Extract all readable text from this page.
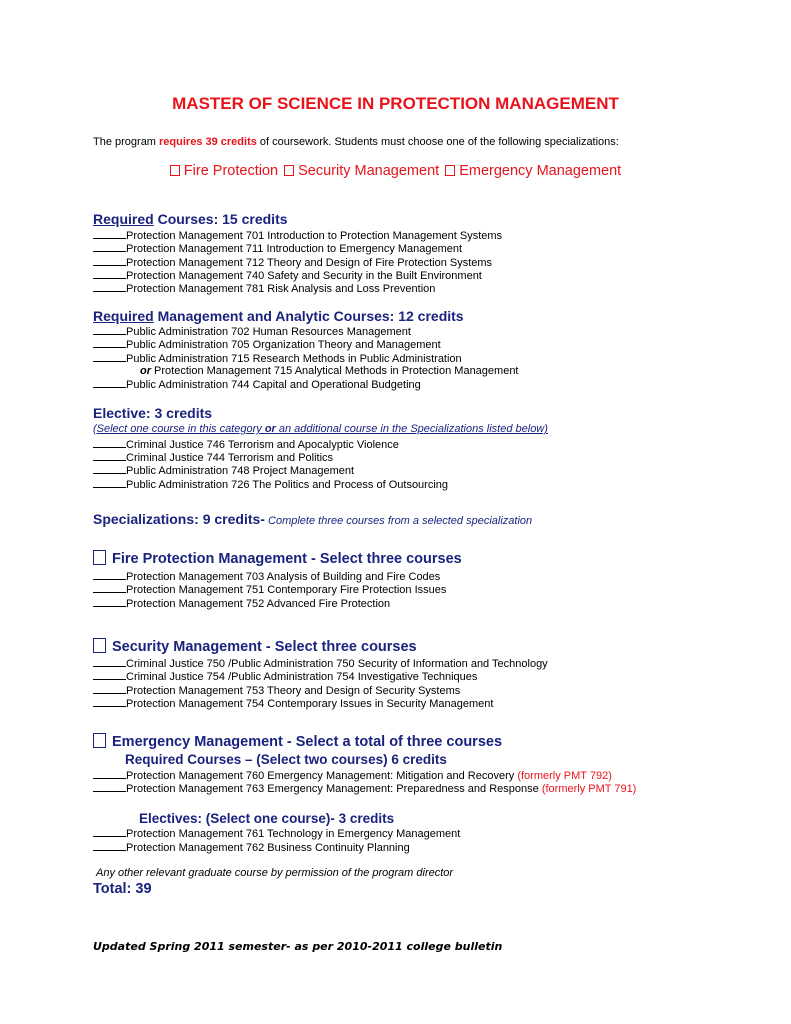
MASTER OF SCIENCE IN PROTECTION MANAGEMENT
The program requires 39 credits of coursework. Students must choose one of the following specializations:
Fire Protection Security Management Emergency Management
Required Courses: 15 credits
Protection Management 701 Introduction to Protection Management Systems
Protection Management 711 Introduction to Emergency Management
Protection Management 712 Theory and Design of Fire Protection Systems
Protection Management 740 Safety and Security in the Built Environment
Protection Management 781 Risk Analysis and Loss Prevention
Required Management and Analytic Courses: 12 credits
Public Administration 702 Human Resources Management
Public Administration 705 Organization Theory and Management
Public Administration 715 Research Methods in Public Administration
or Protection Management 715 Analytical Methods in Protection Management
Public Administration 744 Capital and Operational Budgeting
Elective: 3 credits
(Select one course in this category or an additional course in the Specializations listed below)
Criminal Justice 746 Terrorism and Apocalyptic Violence
Criminal Justice 744 Terrorism and Politics
Public Administration 748 Project Management
Public Administration 726 The Politics and Process of Outsourcing
Specializations: 9 credits- Complete three courses from a selected specialization
Fire Protection Management - Select three courses
Protection Management 703 Analysis of Building and Fire Codes
Protection Management 751 Contemporary Fire Protection Issues
Protection Management 752 Advanced Fire Protection
Security Management - Select three courses
Criminal Justice 750 /Public Administration 750 Security of Information and Technology
Criminal Justice 754 /Public Administration 754 Investigative Techniques
Protection Management 753 Theory and Design of Security Systems
Protection Management 754 Contemporary Issues in Security Management
Emergency Management - Select a total of three courses
Required Courses – (Select two courses) 6 credits
Protection Management 760 Emergency Management: Mitigation and Recovery (formerly PMT 792)
Protection Management 763 Emergency Management: Preparedness and Response (formerly PMT 791)
Electives: (Select one course)- 3 credits
Protection Management 761 Technology in Emergency Management
Protection Management 762 Business Continuity Planning
Any other relevant graduate course by permission of the program director
Total: 39
Updated Spring 2011 semester- as per 2010-2011 college bulletin
